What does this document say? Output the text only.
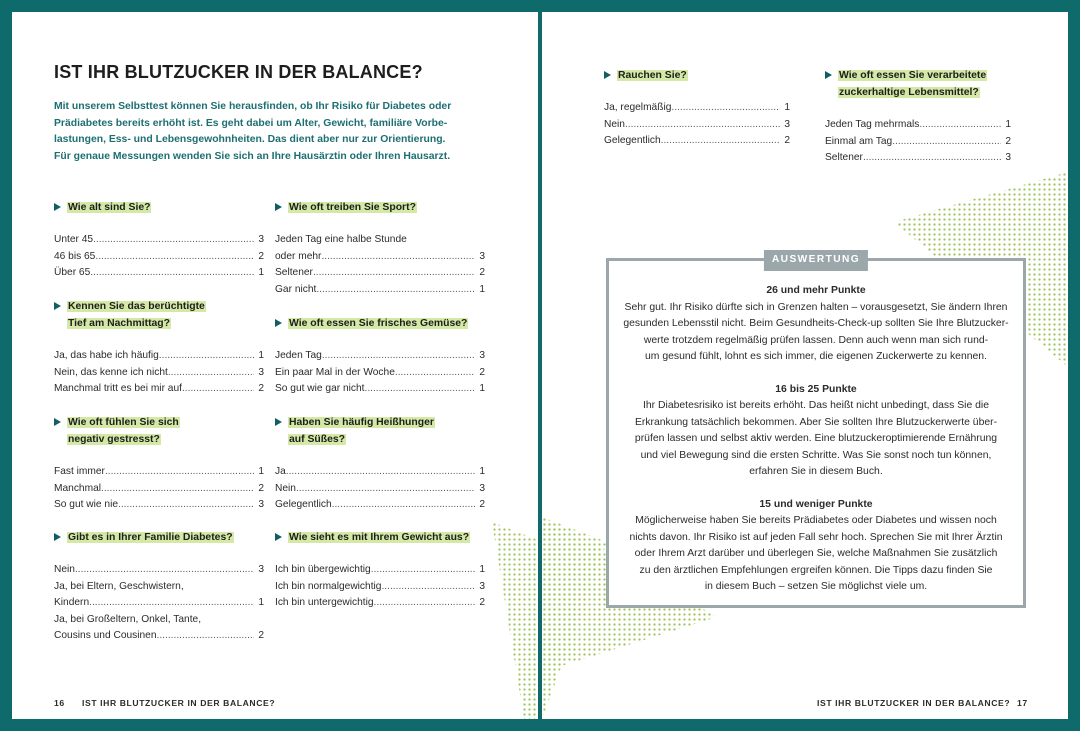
IST IHR BLUTZUCKER IN DER BALANCE?
Mit unserem Selbsttest können Sie herausfinden, ob Ihr Risiko für Diabetes oder
Prädiabetes bereits erhöht ist. Es geht dabei um Alter, Gewicht, familiäre Vorbe-
lastungen, Ess- und Lebensgewohnheiten. Das dient aber nur zur Orientierung.
Für genaue Messungen wenden Sie sich an Ihre Hausärztin oder Ihren Hausarzt.
Wie alt sind Sie?
Unter 45 .....	3
46 bis 65 .....	2
Über 65 .....	1
Kennen Sie das berüchtigte
Tief am Nachmittag?
Ja, das habe ich häufig .....	1
Nein, das kenne ich nicht .....	3
Manchmal tritt es bei mir auf .....	2
Wie oft fühlen Sie sich
negativ gestresst?
Fast immer .....	1
Manchmal .....	2
So gut wie nie .....	3
Gibt es in Ihrer Familie Diabetes?
Nein .....	3
Ja, bei Eltern, Geschwistern,
Kindern .....	1
Ja, bei Großeltern, Onkel, Tante,
Cousins und Cousinen .....	2
Wie oft treiben Sie Sport?
Jeden Tag eine halbe Stunde
oder mehr .....	3
Seltener .....	2
Gar nicht .....	1
Wie oft essen Sie frisches Gemüse?
Jeden Tag .....	3
Ein paar Mal in der Woche .....	2
So gut wie gar nicht .....	1
Haben Sie häufig Heißhunger
auf Süßes?
Ja .....	1
Nein .....	3
Gelegentlich .....	2
Wie sieht es mit Ihrem Gewicht aus?
Ich bin übergewichtig .....	1
Ich bin normalgewichtig .....	3
Ich bin untergewichtig .....	2
16 IST IHR BLUTZUCKER IN DER BALANCE?
Rauchen Sie?
Ja, regelmäßig .....	1
Nein .....	3
Gelegentlich .....	2
Wie oft essen Sie verarbeitete
zuckerhaltige Lebensmittel?
Jeden Tag mehrmals .....	1
Einmal am Tag .....	2
Seltener .....	3
AUSWERTUNG
26 und mehr Punkte
Sehr gut. Ihr Risiko dürfte sich in Grenzen halten – vorausgesetzt, Sie ändern Ihren
gesunden Lebensstil nicht. Beim Gesundheits-Check-up sollten Sie Ihre Blutzucker-
werte trotzdem regelmäßig prüfen lassen. Denn auch wenn man sich rund-
um gesund fühlt, lohnt es sich immer, die eigenen Zuckerwerte zu kennen.
16 bis 25 Punkte
Ihr Diabetesrisiko ist bereits erhöht. Das heißt nicht unbedingt, dass Sie die
Erkrankung tatsächlich bekommen. Aber Sie sollten Ihre Blutzuckerwerte über-
prüfen lassen und selbst aktiv werden. Eine blutzuckeroptimierende Ernährung
und viel Bewegung sind die ersten Schritte. Was Sie sonst noch tun können,
erfahren Sie in diesem Buch.
15 und weniger Punkte
Möglicherweise haben Sie bereits Prädiabetes oder Diabetes und wissen noch
nichts davon. Ihr Risiko ist auf jeden Fall sehr hoch. Sprechen Sie mit Ihrer Ärztin
oder Ihrem Arzt darüber und überlegen Sie, welche Maßnahmen Sie zusätzlich
zu den ärztlichen Empfehlungen ergreifen können. Die Tipps dazu finden Sie
in diesem Buch – setzen Sie möglichst viele um.
IST IHR BLUTZUCKER IN DER BALANCE? 17
